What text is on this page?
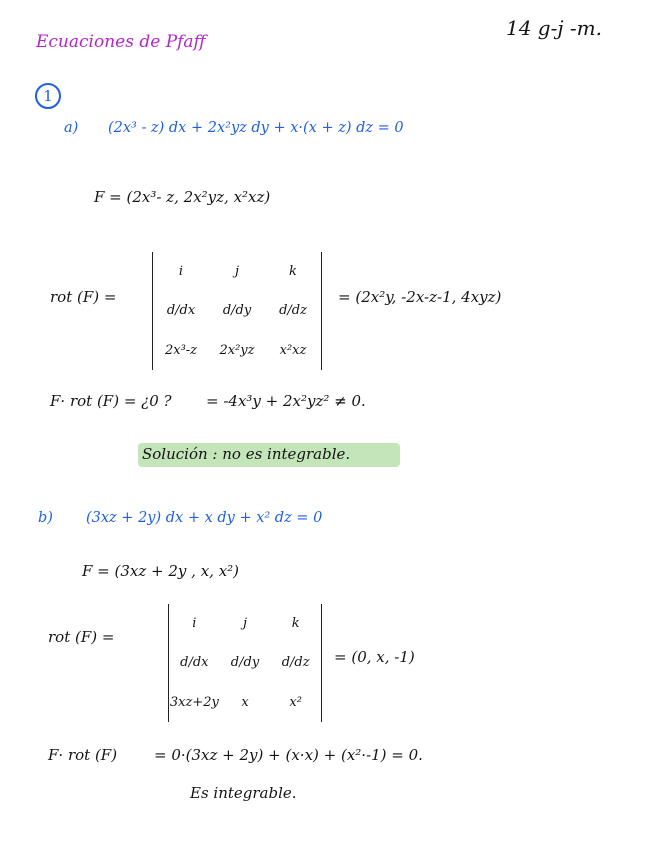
Ecuaciones de Pfaff
14 g-j -m.
1
a) (2x³ - z) dx + 2x²yz dy + x·(x + z) dz = 0
F = (2x³- z, 2x²yz, x²xz)
rot (F) =
i	j	k
d/dx	d/dy	d/dz
2x³-z	2x²yz	x²xz
= (2x²y, -2x-z-1, 4xyz)
F· rot (F) = ¿0 ? = -4x³y + 2x²yz² ≠ 0.
Solución : no es integrable.
b) (3xz + 2y) dx + x dy + x² dz = 0
F = (3xz + 2y , x, x²)
rot (F) =
i	j	k
d/dx	d/dy	d/dz
3xz+2y	x	x²
= (0, x, -1)
F· rot (F) = 0·(3xz + 2y) + (x·x) + (x²·-1) = 0.
Es integrable.
